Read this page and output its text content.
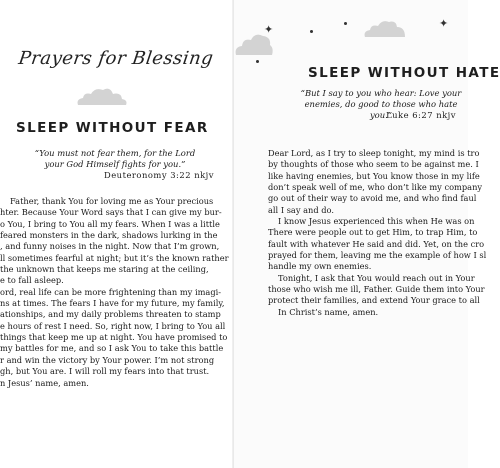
Prayers for Blessing
SLEEP WITHOUT FEAR
“You must not fear them, for the Lord
your God Himself fights for you.”
Deuteronomy 3:22 nkjv
Father, thank You for loving me as Your precious
hter. Because Your Word says that I can give my bur-
o You, I bring to You all my fears. When I was a little
feared monsters in the dark, shadows lurking in the
, and funny noises in the night. Now that I’m grown,
ll sometimes fearful at night; but it’s the known rather
the unknown that keeps me staring at the ceiling,
e to fall asleep.
ord, real life can be more frightening than my imagi-
ns at times. The fears I have for my future, my family,
ationships, and my daily problems threaten to stamp
e hours of rest I need. So, right now, I bring to You all
things that keep me up at night. You have promised to
my battles for me, and so I ask You to take this battle
r and win the victory by Your power. I’m not strong
gh, but You are. I will roll my fears into that trust.
n Jesus’ name, amen.
✦	✦
SLEEP WITHOUT HATE
“But I say to you who hear: Love your
enemies, do good to those who hate you.”
Luke 6:27 nkjv
Dear Lord, as I try to sleep tonight, my mind is tro
by thoughts of those who seem to be against me. I
like having enemies, but You know those in my life
don’t speak well of me, who don’t like my company
go out of their way to avoid me, and who find faul
all I say and do.
I know Jesus experienced this when He was on
There were people out to get Him, to trap Him, to
fault with whatever He said and did. Yet, on the cro
prayed for them, leaving me the example of how I sl
handle my own enemies.
Tonight, I ask that You would reach out in Your
those who wish me ill, Father. Guide them into Your
protect their families, and extend Your grace to all
In Christ’s name, amen.
